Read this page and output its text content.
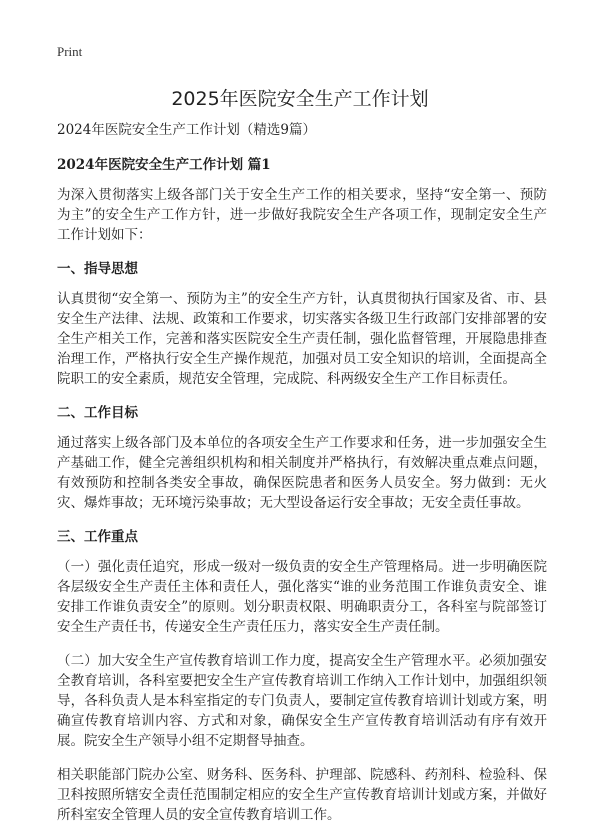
Print
2025年医院安全生产工作计划

2024年医院安全生产工作计划（精选9篇）

2024年医院安全生产工作计划 篇1

为深入贯彻落实上级各部门关于安全生产工作的相关要求，坚持“安全第一、预防为主”的安全生产工作方针，进一步做好我院安全生产各项工作，现制定安全生产工作计划如下：

一、指导思想

认真贯彻“安全第一、预防为主”的安全生产方针，认真贯彻执行国家及省、市、县安全生产法律、法规、政策和工作要求，切实落实各级卫生行政部门安排部署的安全生产相关工作，完善和落实医院安全生产责任制，强化监督管理，开展隐患排查治理工作，严格执行安全生产操作规范，加强对员工安全知识的培训，全面提高全院职工的安全素质，规范安全管理，完成院、科两级安全生产工作目标责任。

二、工作目标

通过落实上级各部门及本单位的各项安全生产工作要求和任务，进一步加强安全生产基础工作，健全完善组织机构和相关制度并严格执行，有效解决重点难点问题，有效预防和控制各类安全事故，确保医院患者和医务人员安全。努力做到：无火灾、爆炸事故；无环境污染事故；无大型设备运行安全事故；无安全责任事故。

三、工作重点

（一）强化责任追究，形成一级对一级负责的安全生产管理格局。进一步明确医院各层级安全生产责任主体和责任人，强化落实“谁的业务范围工作谁负责安全、谁安排工作谁负责安全”的原则。划分职责权限、明确职责分工，各科室与院部签订安全生产责任书，传递安全生产责任压力，落实安全生产责任制。

（二）加大安全生产宣传教育培训工作力度，提高安全生产管理水平。必须加强安全教育培训，各科室要把安全生产宣传教育培训工作纳入工作计划中，加强组织领导，各科负责人是本科室指定的专门负责人，要制定宣传教育培训计划或方案，明确宣传教育培训内容、方式和对象，确保安全生产宣传教育培训活动有序有效开展。院安全生产领导小组不定期督导抽查。

相关职能部门院办公室、财务科、医务科、护理部、院感科、药剂科、检验科、保卫科按照所辖安全责任范围制定相应的安全生产宣传教育培训计划或方案，并做好所科室安全管理人员的安全宣传教育培训工作。
